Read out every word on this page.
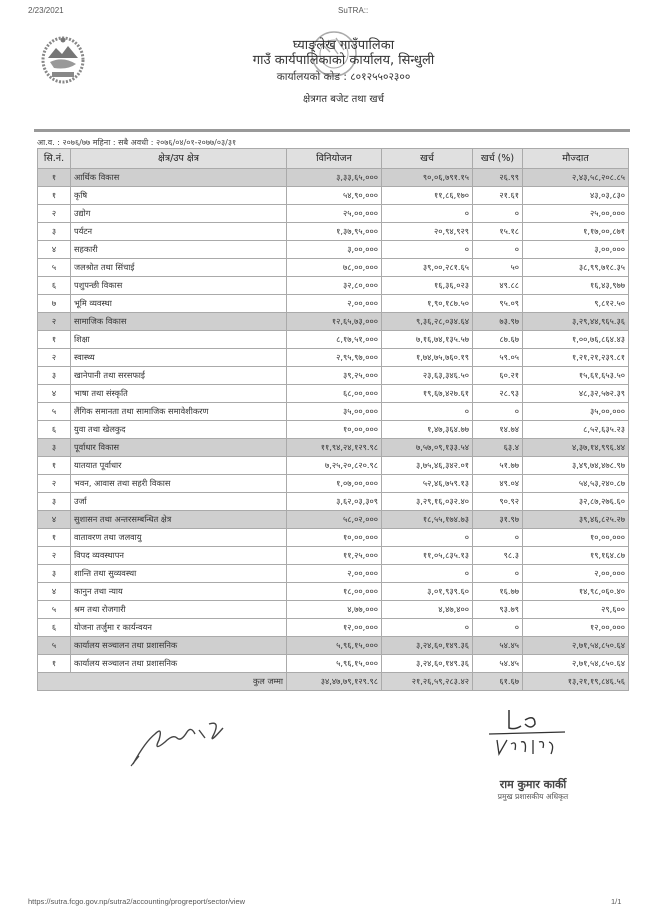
2/23/2021	SuTRA::
घ्याङ्लेख गाउँपालिका
गाउँ कार्यपालिकाको कार्यालय, सिन्धुली
कार्यालयको कोड : ८०१२५५०२३००
क्षेत्रगत बजेट तथा खर्च
आ.व. : २०७६/७७ महिना : सबै अवधी : २०७६/०४/०१-२०७७/०३/३१
सि.नं.	क्षेत्र/उप क्षेत्र	विनियोजन	खर्च	खर्च (%)	मौज्दात
१	आर्थिक विकास	३,३३,६५,०००	९०,०६,७९१.१५	२६.९९	२,४३,५८,२०८.८५
१	कृषि	५४,९०,०००	११,८६,१७०	२१.६१	४३,०३,८३०
२	उद्योग	२५,००,०००	०	०	२५,००,०००
३	पर्यटन	१,३७,९५,०००	२०,९४,९२९	१५.१८	१,१७,००,८७१
४	सहकारी	३,००,०००	०	०	३,००,०००
५	जलश्रोत तथा सिंचाई	७८,००,०००	३९,००,२८१.६५	५०	३८,९९,७१८.३५
६	पशुपन्छी विकास	३२,८०,०००	१६,३६,०२३	४९.८८	१६,४३,९७७
७	भूमि व्यवस्था	२,००,०००	१,९०,१८७.५०	९५.०९	९,८१२.५०
२	सामाजिक विकास	१२,६५,७३,०००	९,३६,२८,०३४.६४	७३.९७	३,२९,४४,९६५.३६
१	शिक्षा	८,१७,५१,०००	७,१६,७४,१३५.५७	८७.६७	१,००,७६,८६४.४३
२	स्वास्थ्य	२,९५,९७,०००	१,७४,७५,७६०.१९	५९.०५	१,२१,२१,२३९.८१
३	खानेपानी तथा सरसफाई	३९,२५,०००	२३,६३,३४६.५०	६०.२१	१५,६१,६५३.५०
४	भाषा तथा संस्कृति	६८,००,०००	१९,६७,४२७.६१	२८.९३	४८,३२,५७२.३९
५	लैंगिक समानता तथा सामाजिक समावेशीकरण	३५,००,०००	०	०	३५,००,०००
६	युवा तथा खेलकुद	१०,००,०००	१,४७,३६४.७७	१४.७४	८,५२,६३५.२३
३	पूर्वाधार विकास	११,९४,२४,१२९.९८	७,५७,०९,१३३.५४	६३.४	४,३७,१४,९९६.४४
१	यातयात पूर्वाधार	७,२५,२०,८२०.९८	३,७५,४६,३४२.०१	५१.७७	३,४९,७४,४७८.९७
२	भवन, आवास तथा सहरी विकास	१,०७,००,०००	५२,४६,७५९.१३	४९.०४	५४,५३,२४०.८७
३	उर्जा	३,६२,०३,३०९	३,२९,१६,०३२.४०	९०.९२	३२,८७,२७६.६०
४	सुशासन तथा अन्तरसम्बन्धित क्षेत्र	५८,०२,०००	१८,५५,१७४.७३	३१.९७	३९,४६,८२५.२७
१	वातावरण तथा जलवायु	१०,००,०००	०	०	१०,००,०००
२	विपद व्यवस्थापन	११,२५,०००	११,०५,८३५.१३	९८.३	१९,१६४.८७
३	शान्ति तथा सुव्यवस्था	२,००,०००	०	०	२,००,०००
४	कानुन तथा न्याय	१८,००,०००	३,०१,९३९.६०	१६.७७	१४,९८,०६०.४०
५	श्रम तथा रोजगारी	४,७७,०००	४,४७,४००	९३.७९	२९,६००
६	योजना तर्जुमा र कार्यन्वयन	१२,००,०००	०	०	१२,००,०००
५	कार्यालय सञ्चालन तथा प्रशासनिक	५,९६,१५,०००	३,२४,६०,१४९.३६	५४.४५	२,७१,५४,८५०.६४
१	कार्यालय सञ्चालन तथा प्रशासनिक	५,९६,१५,०००	३,२४,६०,१४९.३६	५४.४५	२,७१,५४,८५०.६४
कुल जम्मा		३४,४७,७९,१२९.९८	२१,२६,५९,२८३.४२	६१.६७	१३,२१,१९,८४६.५६
राम कुमार कार्की
प्रमुख प्रशासकीय अधिकृत
https://sutra.fcgo.gov.np/sutra2/accounting/progreport/sector/view	1/1
